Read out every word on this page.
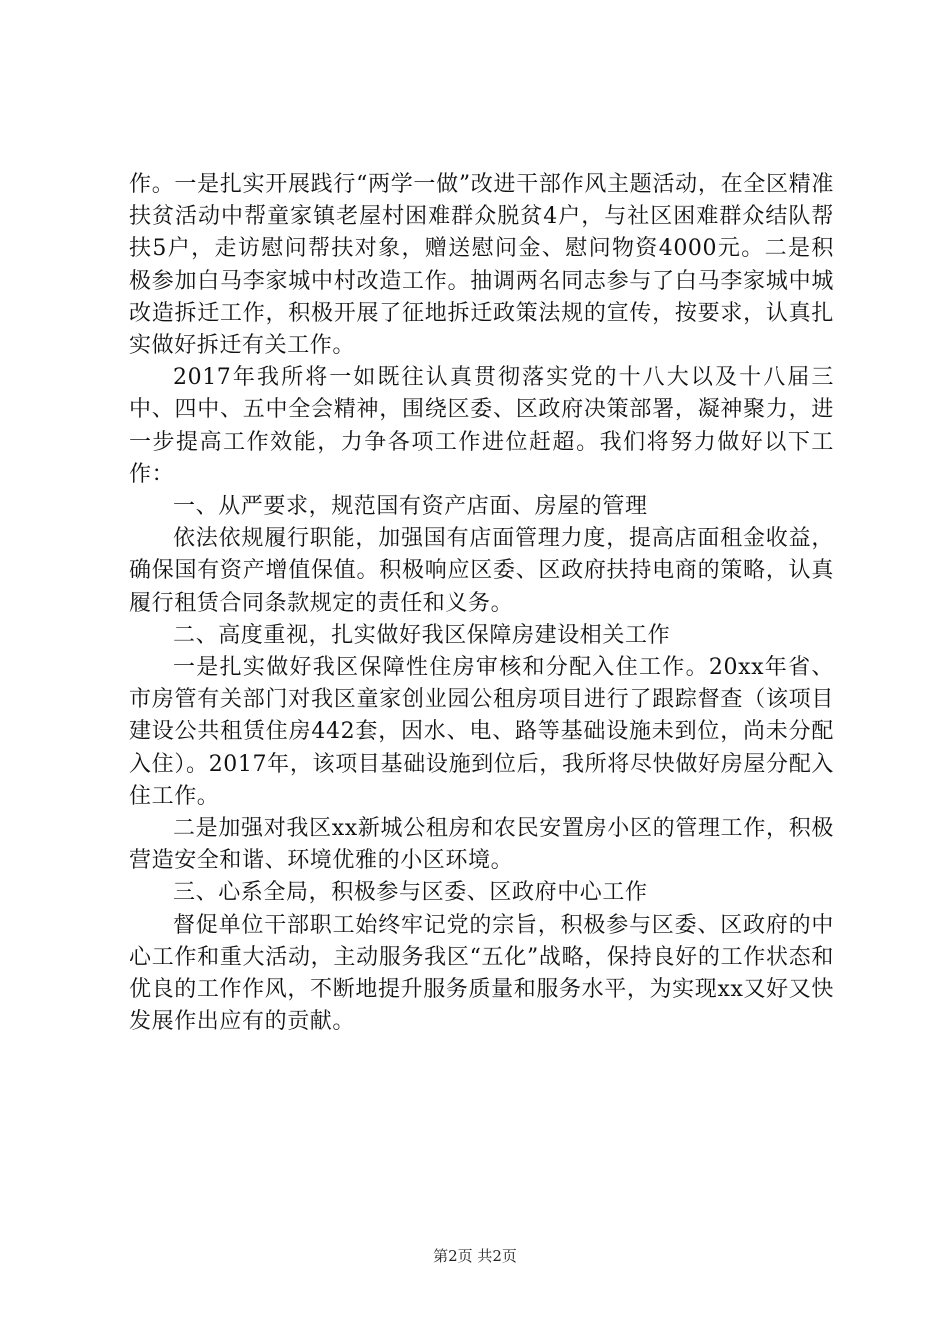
作。一是扎实开展践行“两学一做”改进干部作风主题活动，在全区精准扶贫活动中帮童家镇老屋村困难群众脱贫4户，与社区困难群众结队帮扶5户，走访慰问帮扶对象，赠送慰问金、慰问物资4000元。二是积极参加白马李家城中村改造工作。抽调两名同志参与了白马李家城中城改造拆迁工作，积极开展了征地拆迁政策法规的宣传，按要求，认真扎实做好拆迁有关工作。

2017年我所将一如既往认真贯彻落实党的十八大以及十八届三中、四中、五中全会精神，围绕区委、区政府决策部署，凝神聚力，进一步提高工作效能，力争各项工作进位赶超。我们将努力做好以下工作：

一、从严要求，规范国有资产店面、房屋的管理

依法依规履行职能，加强国有店面管理力度，提高店面租金收益，确保国有资产增值保值。积极响应区委、区政府扶持电商的策略，认真履行租赁合同条款规定的责任和义务。

二、高度重视，扎实做好我区保障房建设相关工作

一是扎实做好我区保障性住房审核和分配入住工作。20xx年省、市房管有关部门对我区童家创业园公租房项目进行了跟踪督查（该项目建设公共租赁住房442套，因水、电、路等基础设施未到位，尚未分配入住）。2017年，该项目基础设施到位后，我所将尽快做好房屋分配入住工作。

二是加强对我区xx新城公租房和农民安置房小区的管理工作，积极营造安全和谐、环境优雅的小区环境。

三、心系全局，积极参与区委、区政府中心工作

督促单位干部职工始终牢记党的宗旨，积极参与区委、区政府的中心工作和重大活动，主动服务我区“五化”战略，保持良好的工作状态和优良的工作作风，不断地提升服务质量和服务水平，为实现xx又好又快发展作出应有的贡献。

第2页 共2页
